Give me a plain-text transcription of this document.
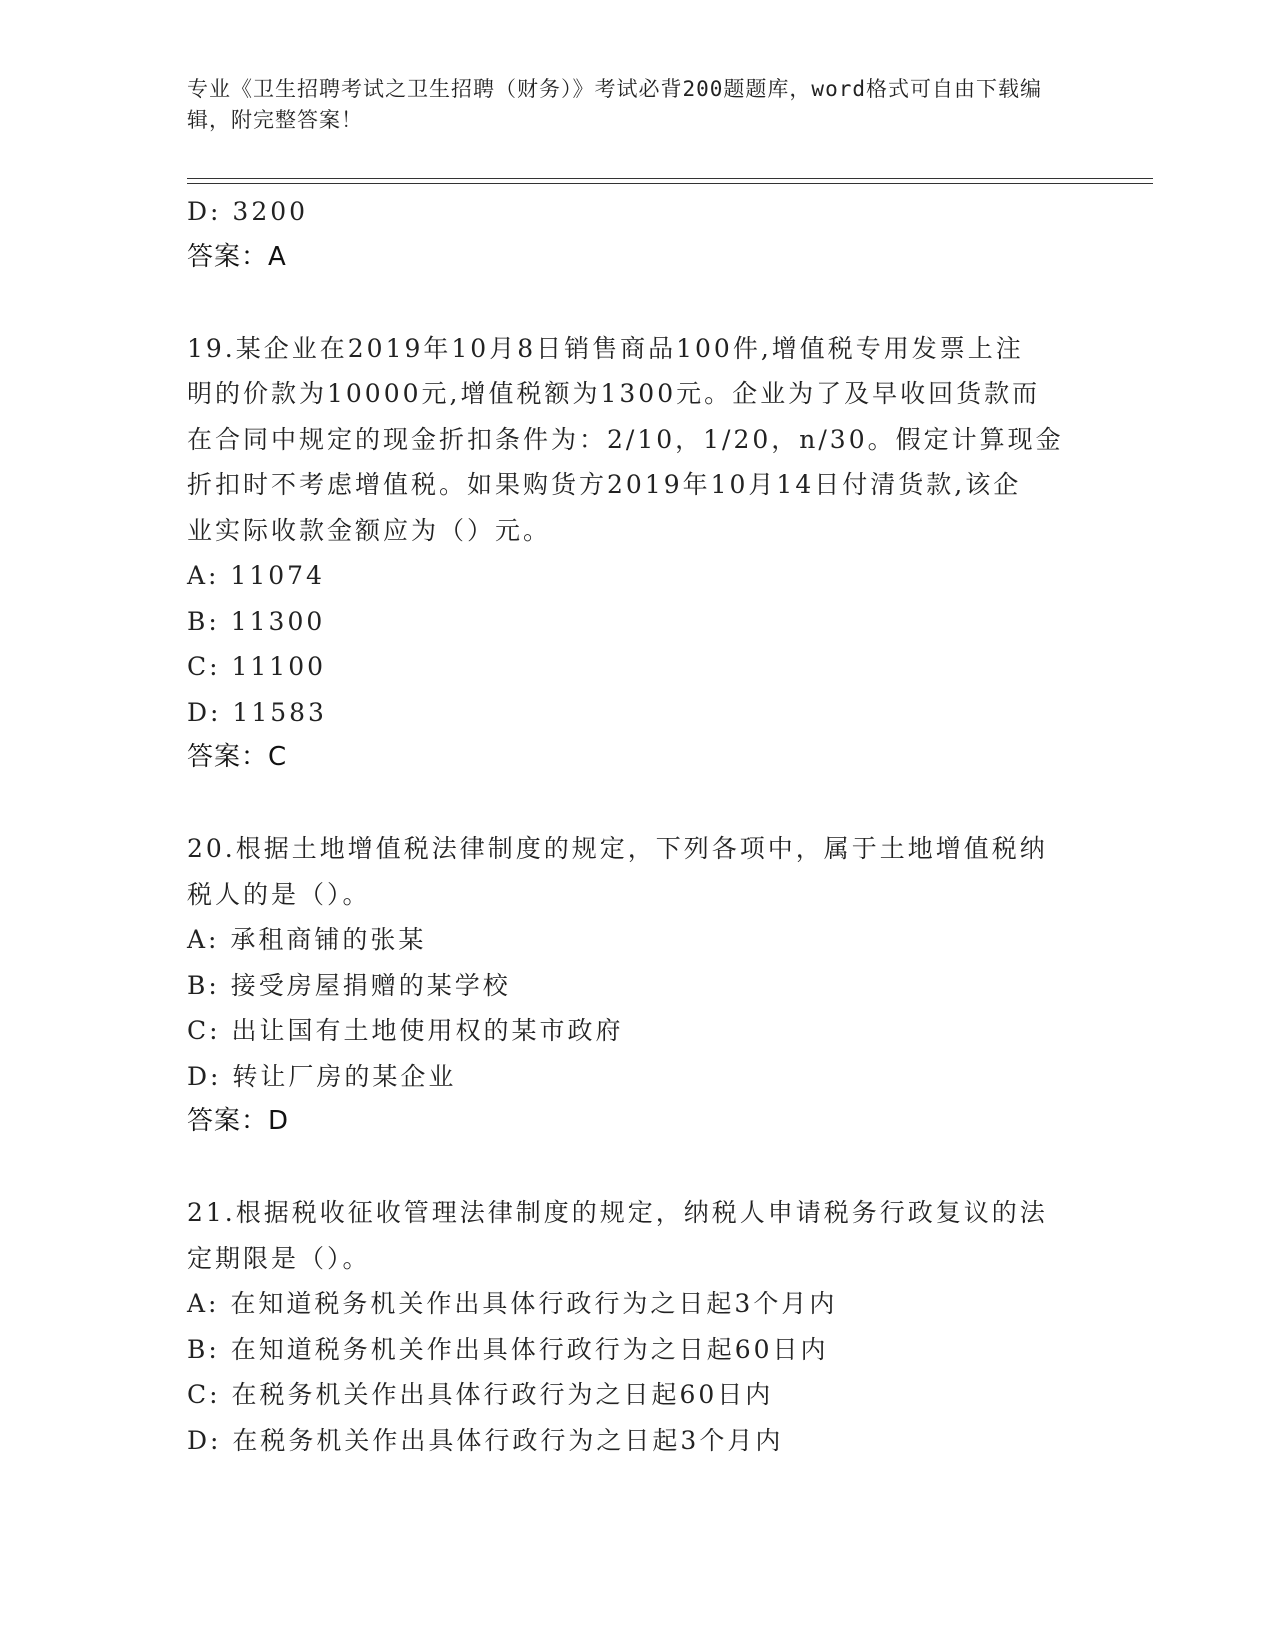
专业《卫生招聘考试之卫生招聘（财务）》考试必背200题题库，word格式可自由下载编辑，附完整答案！
D: 3200
答案：A
19.某企业在2019年10月8日销售商品100件,增值税专用发票上注
明的价款为10000元,增值税额为1300元。企业为了及早收回货款而
在合同中规定的现金折扣条件为：2/10，1/20，n/30。假定计算现金
折扣时不考虑增值税。如果购货方2019年10月14日付清货款,该企
业实际收款金额应为（）元。
A: 11074
B: 11300
C: 11100
D: 11583
答案：C
20.根据土地增值税法律制度的规定，下列各项中，属于土地增值税纳
税人的是（）。
A: 承租商铺的张某
B: 接受房屋捐赠的某学校
C: 出让国有土地使用权的某市政府
D: 转让厂房的某企业
答案：D
21.根据税收征收管理法律制度的规定，纳税人申请税务行政复议的法
定期限是（）。
A: 在知道税务机关作出具体行政行为之日起3个月内
B: 在知道税务机关作出具体行政行为之日起60日内
C: 在税务机关作出具体行政行为之日起60日内
D: 在税务机关作出具体行政行为之日起3个月内
